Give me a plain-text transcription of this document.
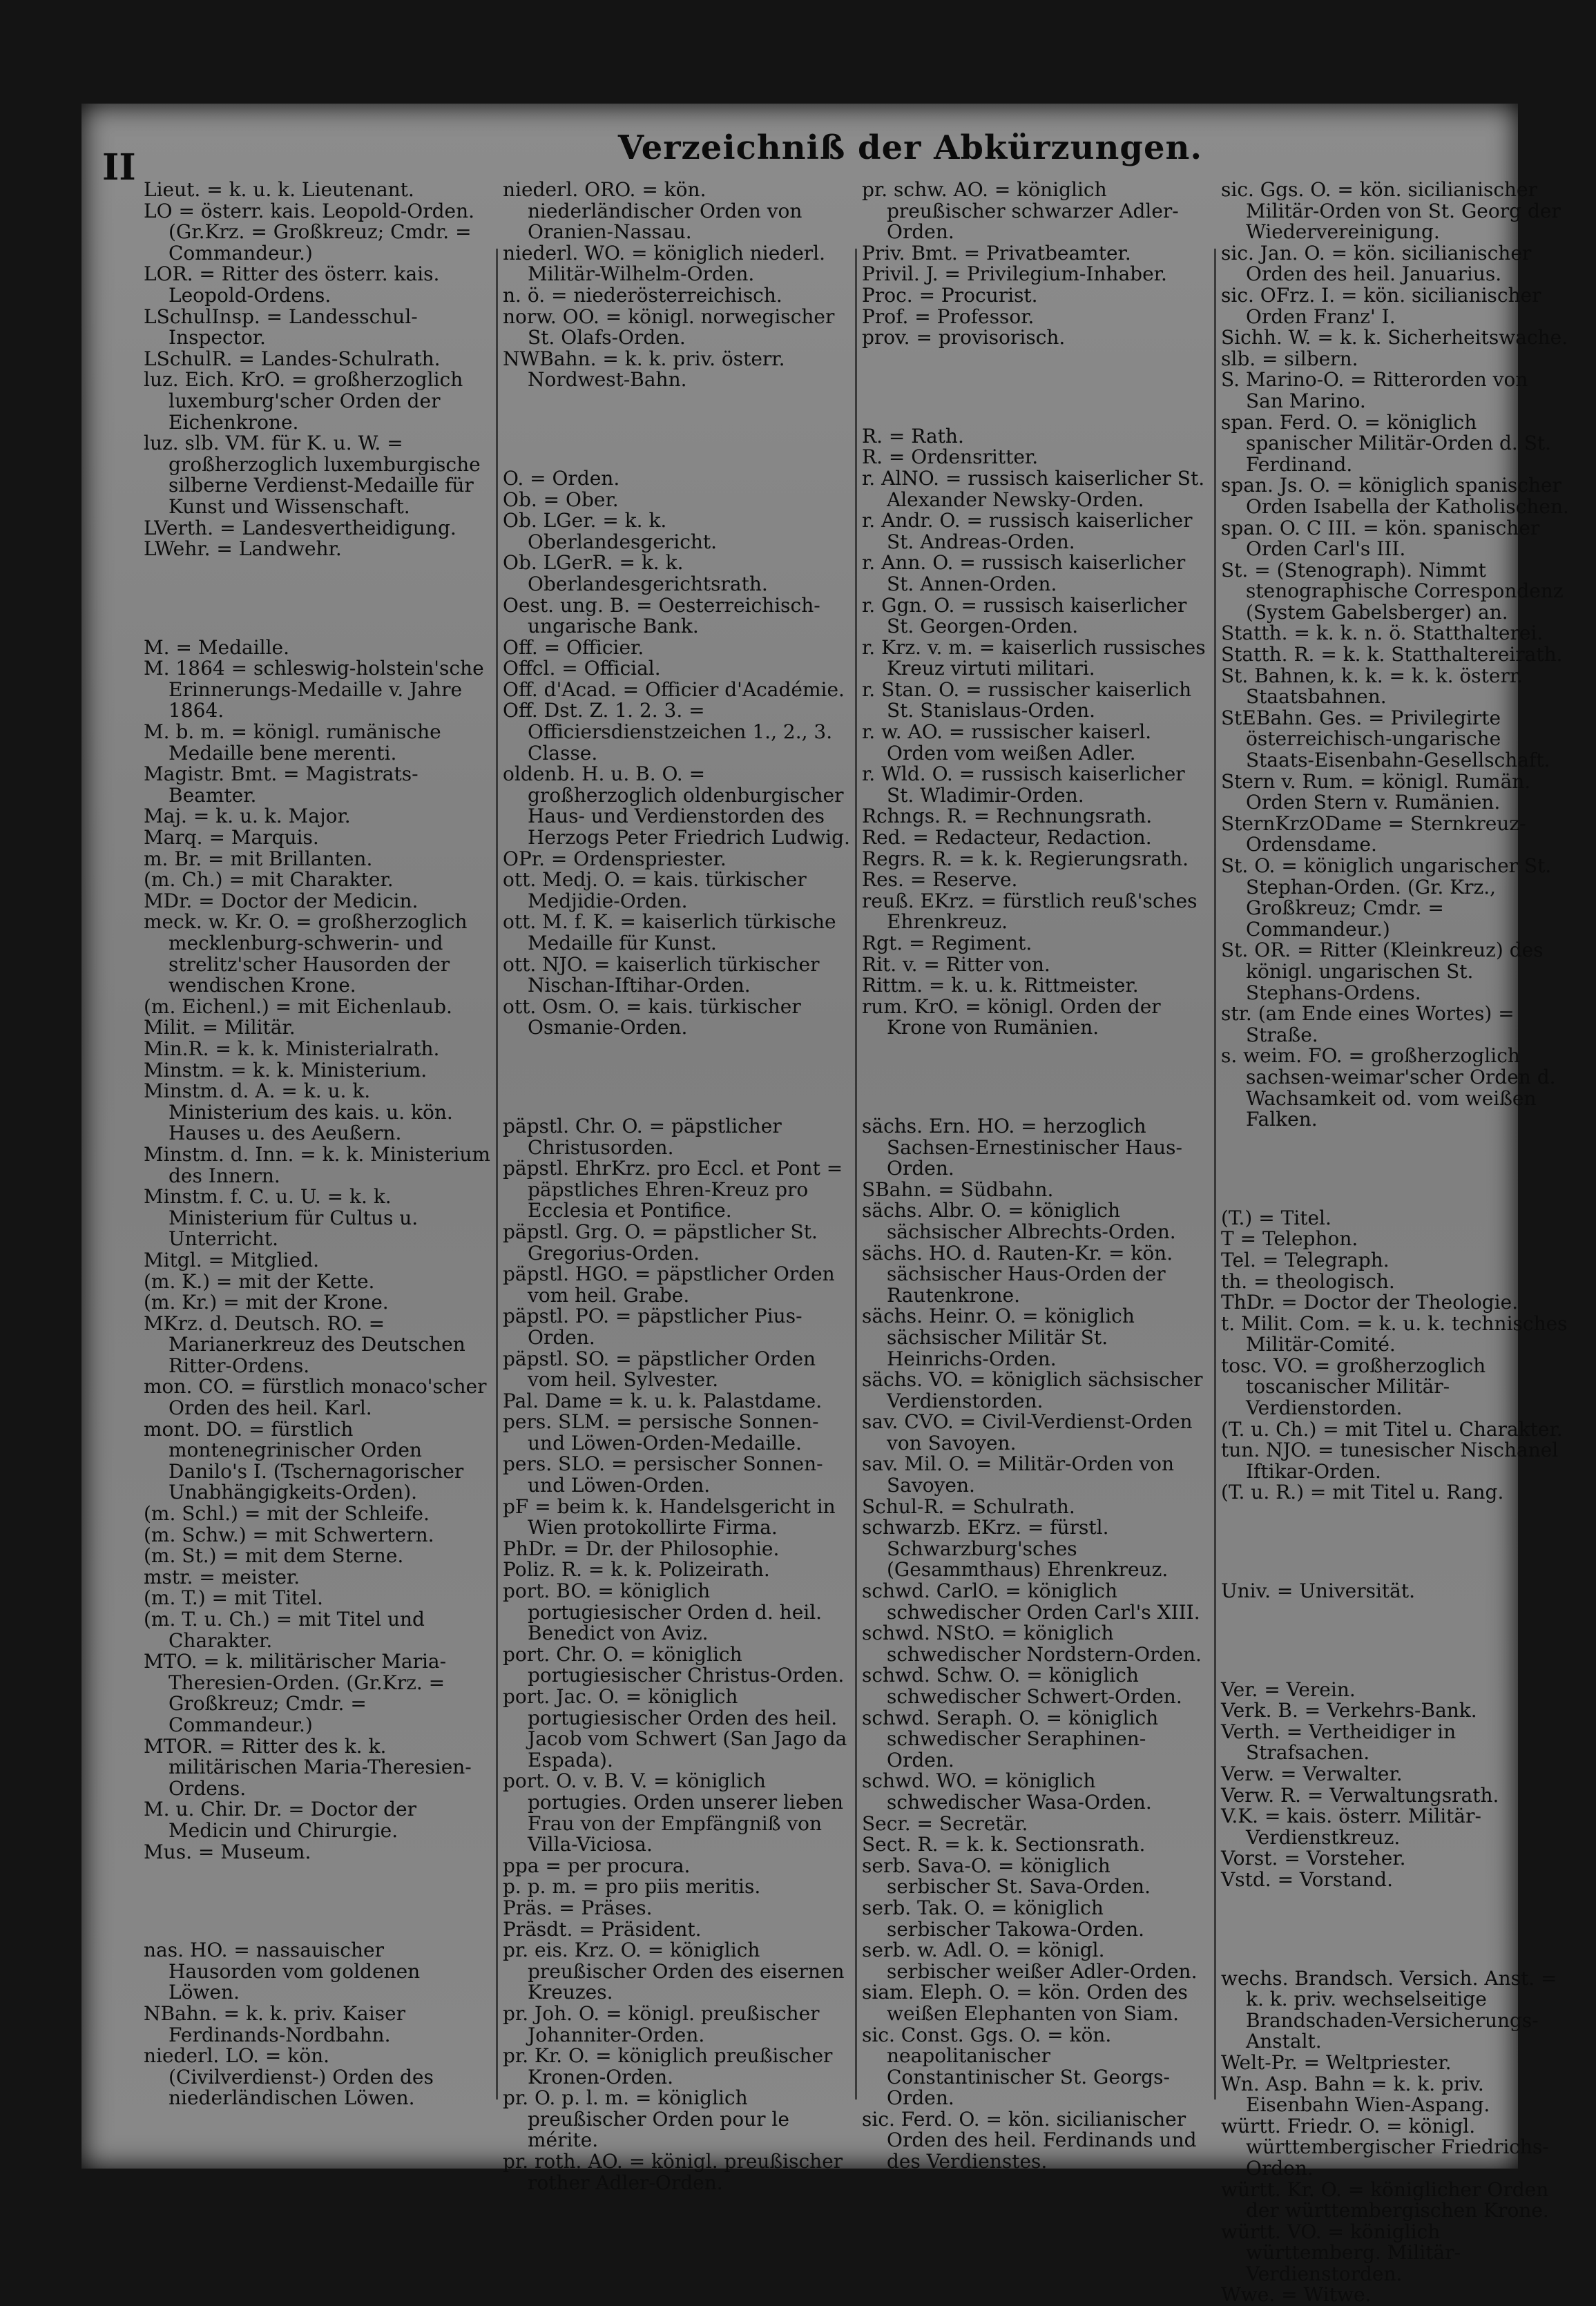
II	Verzeichniß der Abkürzungen.

Lieut. = k. u. k. Lieutenant.

LO = österr. kais. Leopold-Orden. (Gr.Krz. = Großkreuz; Cmdr. = Commandeur.)

LOR. = Ritter des österr. kais. Leopold-Ordens.

LSchulInsp. = Landesschul-Inspector.

LSchulR. = Landes-Schulrath.

luz. Eich. KrO. = großherzoglich luxemburg'scher Orden der Eichenkrone.

luz. slb. VM. für K. u. W. = großherzoglich luxemburgische silberne Verdienst-Medaille für Kunst und Wissenschaft.

LVerth. = Landesvertheidigung.

LWehr. = Landwehr.

M. = Medaille.

M. 1864 = schleswig-holstein'sche Erinnerungs-Medaille v. Jahre 1864.

M. b. m. = königl. rumänische Medaille bene merenti.

Magistr. Bmt. = Magistrats-Beamter.

Maj. = k. u. k. Major.

Marq. = Marquis.

m. Br. = mit Brillanten.

(m. Ch.) = mit Charakter.

MDr. = Doctor der Medicin.

meck. w. Kr. O. = großherzoglich mecklenburg-schwerin- und strelitz'scher Hausorden der wendischen Krone.

(m. Eichenl.) = mit Eichenlaub.

Milit. = Militär.

Min.R. = k. k. Ministerialrath.

Minstm. = k. k. Ministerium.

Minstm. d. A. = k. u. k. Ministerium des kais. u. kön. Hauses u. des Aeußern.

Minstm. d. Inn. = k. k. Ministerium des Innern.

Minstm. f. C. u. U. = k. k. Ministerium für Cultus u. Unterricht.

Mitgl. = Mitglied.

(m. K.) = mit der Kette.

(m. Kr.) = mit der Krone.

MKrz. d. Deutsch. RO. = Marianerkreuz des Deutschen Ritter-Ordens.

mon. CO. = fürstlich monaco'scher Orden des heil. Karl.

mont. DO. = fürstlich montenegrinischer Orden Danilo's I. (Tschernagorischer Unabhängigkeits-Orden).

(m. Schl.) = mit der Schleife.

(m. Schw.) = mit Schwertern.

(m. St.) = mit dem Sterne.

mstr. = meister.

(m. T.) = mit Titel.

(m. T. u. Ch.) = mit Titel und Charakter.

MTO. = k. militärischer Maria-Theresien-Orden. (Gr.Krz. = Großkreuz; Cmdr. = Commandeur.)

MTOR. = Ritter des k. k. militärischen Maria-Theresien-Ordens.

M. u. Chir. Dr. = Doctor der Medicin und Chirurgie.

Mus. = Museum.

nas. HO. = nassauischer Hausorden vom goldenen Löwen.

NBahn. = k. k. priv. Kaiser Ferdinands-Nordbahn.

niederl. LO. = kön. (Civilverdienst-) Orden des niederländischen Löwen.

niederl. ORO. = kön. niederländischer Orden von Oranien-Nassau.

niederl. WO. = königlich niederl. Militär-Wilhelm-Orden.

n. ö. = niederösterreichisch.

norw. OO. = königl. norwegischer St. Olafs-Orden.

NWBahn. = k. k. priv. österr. Nordwest-Bahn.

O. = Orden.

Ob. = Ober.

Ob. LGer. = k. k. Oberlandesgericht.

Ob. LGerR. = k. k. Oberlandesgerichtsrath.

Oest. ung. B. = Oesterreichisch-ungarische Bank.

Off. = Officier.

Offcl. = Official.

Off. d'Acad. = Officier d'Académie.

Off. Dst. Z. 1. 2. 3. = Officiersdienstzeichen 1., 2., 3. Classe.

oldenb. H. u. B. O. = großherzoglich oldenburgischer Haus- und Verdienstorden des Herzogs Peter Friedrich Ludwig.

OPr. = Ordenspriester.

ott. Medj. O. = kais. türkischer Medjidie-Orden.

ott. M. f. K. = kaiserlich türkische Medaille für Kunst.

ott. NJO. = kaiserlich türkischer Nischan-Iftihar-Orden.

ott. Osm. O. = kais. türkischer Osmanie-Orden.

päpstl. Chr. O. = päpstlicher Christusorden.

päpstl. EhrKrz. pro Eccl. et Pont = päpstliches Ehren-Kreuz pro Ecclesia et Pontifice.

päpstl. Grg. O. = päpstlicher St. Gregorius-Orden.

päpstl. HGO. = päpstlicher Orden vom heil. Grabe.

päpstl. PO. = päpstlicher Pius-Orden.

päpstl. SO. = päpstlicher Orden vom heil. Sylvester.

Pal. Dame = k. u. k. Palastdame.

pers. SLM. = persische Sonnen- und Löwen-Orden-Medaille.

pers. SLO. = persischer Sonnen- und Löwen-Orden.

pF = beim k. k. Handelsgericht in Wien protokollirte Firma.

PhDr. = Dr. der Philosophie.

Poliz. R. = k. k. Polizeirath.

port. BO. = königlich portugiesischer Orden d. heil. Benedict von Aviz.

port. Chr. O. = königlich portugiesischer Christus-Orden.

port. Jac. O. = königlich portugiesischer Orden des heil. Jacob vom Schwert (San Jago da Espada).

port. O. v. B. V. = königlich portugies. Orden unserer lieben Frau von der Empfängniß von Villa-Viciosa.

ppa = per procura.

p. p. m. = pro piis meritis.

Präs. = Präses.

Präsdt. = Präsident.

pr. eis. Krz. O. = königlich preußischer Orden des eisernen Kreuzes.

pr. Joh. O. = königl. preußischer Johanniter-Orden.

pr. Kr. O. = königlich preußischer Kronen-Orden.

pr. O. p. l. m. = königlich preußischer Orden pour le mérite.

pr. roth. AO. = königl. preußischer rother Adler-Orden.

pr. schw. AO. = königlich preußischer schwarzer Adler-Orden.

Priv. Bmt. = Privatbeamter.

Privil. J. = Privilegium-Inhaber.

Proc. = Procurist.

Prof. = Professor.

prov. = provisorisch.

R. = Rath.

R. = Ordensritter.

r. AlNO. = russisch kaiserlicher St. Alexander Newsky-Orden.

r. Andr. O. = russisch kaiserlicher St. Andreas-Orden.

r. Ann. O. = russisch kaiserlicher St. Annen-Orden.

r. Ggn. O. = russisch kaiserlicher St. Georgen-Orden.

r. Krz. v. m. = kaiserlich russisches Kreuz virtuti militari.

r. Stan. O. = russischer kaiserlich St. Stanislaus-Orden.

r. w. AO. = russischer kaiserl. Orden vom weißen Adler.

r. Wld. O. = russisch kaiserlicher St. Wladimir-Orden.

Rchngs. R. = Rechnungsrath.

Red. = Redacteur, Redaction.

Regrs. R. = k. k. Regierungsrath.

Res. = Reserve.

reuß. EKrz. = fürstlich reuß'sches Ehrenkreuz.

Rgt. = Regiment.

Rit. v. = Ritter von.

Rittm. = k. u. k. Rittmeister.

rum. KrO. = königl. Orden der Krone von Rumänien.

sächs. Ern. HO. = herzoglich Sachsen-Ernestinischer Haus-Orden.

SBahn. = Südbahn.

sächs. Albr. O. = königlich sächsischer Albrechts-Orden.

sächs. HO. d. Rauten-Kr. = kön. sächsischer Haus-Orden der Rautenkrone.

sächs. Heinr. O. = königlich sächsischer Militär St. Heinrichs-Orden.

sächs. VO. = königlich sächsischer Verdienstorden.

sav. CVO. = Civil-Verdienst-Orden von Savoyen.

sav. Mil. O. = Militär-Orden von Savoyen.

Schul-R. = Schulrath.

schwarzb. EKrz. = fürstl. Schwarzburg'sches (Gesammthaus) Ehrenkreuz.

schwd. CarlO. = königlich schwedischer Orden Carl's XIII.

schwd. NStO. = königlich schwedischer Nordstern-Orden.

schwd. Schw. O. = königlich schwedischer Schwert-Orden.

schwd. Seraph. O. = königlich schwedischer Seraphinen-Orden.

schwd. WO. = königlich schwedischer Wasa-Orden.

Secr. = Secretär.

Sect. R. = k. k. Sectionsrath.

serb. Sava-O. = königlich serbischer St. Sava-Orden.

serb. Tak. O. = königlich serbischer Takowa-Orden.

serb. w. Adl. O. = königl. serbischer weißer Adler-Orden.

siam. Eleph. O. = kön. Orden des weißen Elephanten von Siam.

sic. Const. Ggs. O. = kön. neapolitanischer Constantinischer St. Georgs-Orden.

sic. Ferd. O. = kön. sicilianischer Orden des heil. Ferdinands und des Verdienstes.

sic. Ggs. O. = kön. sicilianischer Militär-Orden von St. Georg der Wiedervereinigung.

sic. Jan. O. = kön. sicilianischer Orden des heil. Januarius.

sic. OFrz. I. = kön. sicilianischer Orden Franz' I.

Sichh. W. = k. k. Sicherheitswache.

slb. = silbern.

S. Marino-O. = Ritterorden von San Marino.

span. Ferd. O. = königlich spanischer Militär-Orden d. St. Ferdinand.

span. Js. O. = königlich spanischer Orden Isabella der Katholischen.

span. O. C III. = kön. spanischer Orden Carl's III.

St. = (Stenograph). Nimmt stenographische Correspondenz (System Gabelsberger) an.

Statth. = k. k. n. ö. Statthalterei.

Statth. R. = k. k. Statthaltereirath.

St. Bahnen, k. k. = k. k. österr. Staatsbahnen.

StEBahn. Ges. = Privilegirte österreichisch-ungarische Staats-Eisenbahn-Gesellschaft.

Stern v. Rum. = königl. Rumän. Orden Stern v. Rumänien.

SternKrzODame = Sternkreuz-Ordensdame.

St. O. = königlich ungarischer St. Stephan-Orden. (Gr. Krz., Großkreuz; Cmdr. = Commandeur.)

St. OR. = Ritter (Kleinkreuz) des königl. ungarischen St. Stephans-Ordens.

str. (am Ende eines Wortes) = Straße.

s. weim. FO. = großherzoglich sachsen-weimar'scher Orden d. Wachsamkeit od. vom weißen Falken.

(T.) = Titel.

T = Telephon.

Tel. = Telegraph.

th. = theologisch.

ThDr. = Doctor der Theologie.

t. Milit. Com. = k. u. k. technisches Militär-Comité.

tosc. VO. = großherzoglich toscanischer Militär-Verdienstorden.

(T. u. Ch.) = mit Titel u. Charakter.

tun. NJO. = tunesischer Nischanel Iftikar-Orden.

(T. u. R.) = mit Titel u. Rang.

Univ. = Universität.

Ver. = Verein.

Verk. B. = Verkehrs-Bank.

Verth. = Vertheidiger in Strafsachen.

Verw. = Verwalter.

Verw. R. = Verwaltungsrath.

V.K. = kais. österr. Militär-Verdienstkreuz.

Vorst. = Vorsteher.

Vstd. = Vorstand.

wechs. Brandsch. Versich. Anst. = k. k. priv. wechselseitige Brandschaden-Versicherungs-Anstalt.

Welt-Pr. = Weltpriester.

Wn. Asp. Bahn = k. k. priv. Eisenbahn Wien-Aspang.

württ. Friedr. O. = königl. württembergischer Friedrichs-Orden.

württ. Kr. O. = königlicher Orden der württembergischen Krone.

württ. VO. = königlich württemberg. Militär-Verdienstorden.

Wwe. = Witwe.
